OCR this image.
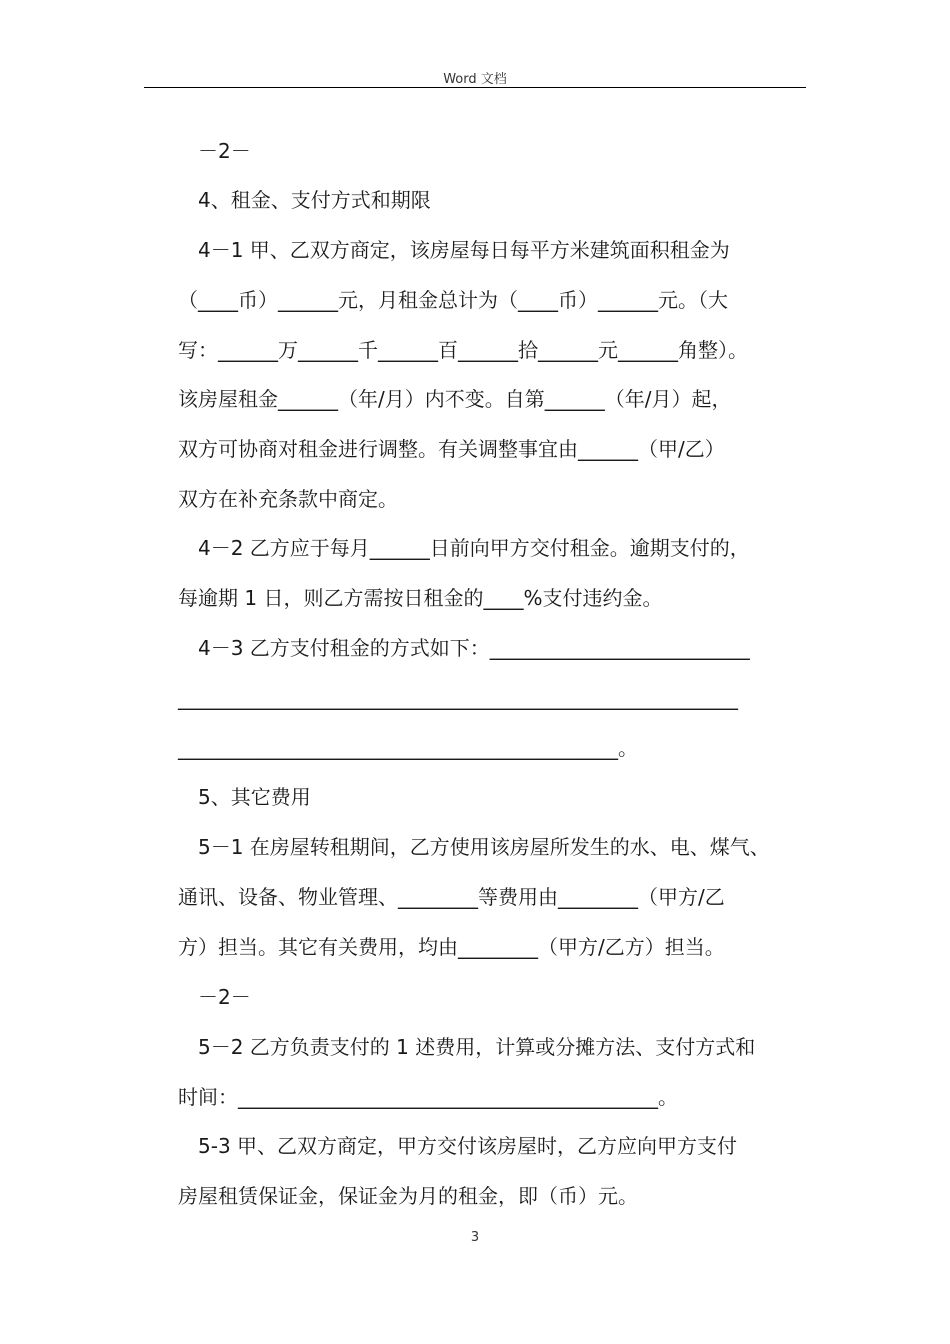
Word 文档
－2－
4、租金、支付方式和期限
4－1 甲、乙双方商定，该房屋每日每平方米建筑面积租金为
（____币）______元，月租金总计为（____币）______元。（大
写：______万______千______百______拾______元______角整）。
该房屋租金______（年/月）内不变。自第______（年/月）起，
双方可协商对租金进行调整。有关调整事宜由______（甲/乙）
双方在补充条款中商定。
4－2 乙方应于每月______日前向甲方交付租金。逾期支付的，
每逾期 1 日，则乙方需按日租金的____%支付违约金。
4－3 乙方支付租金的方式如下：__________________________
________________________________________________________
____________________________________________。
5、其它费用
5－1 在房屋转租期间，乙方使用该房屋所发生的水、电、煤气、
通讯、设备、物业管理、________等费用由________（甲方/乙
方）担当。其它有关费用，均由________（甲方/乙方）担当。
－2－
5－2 乙方负责支付的 1 述费用，计算或分摊方法、支付方式和
时间：__________________________________________。
5-3 甲、乙双方商定，甲方交付该房屋时，乙方应向甲方支付
房屋租赁保证金，保证金为月的租金，即（币）元。
3
